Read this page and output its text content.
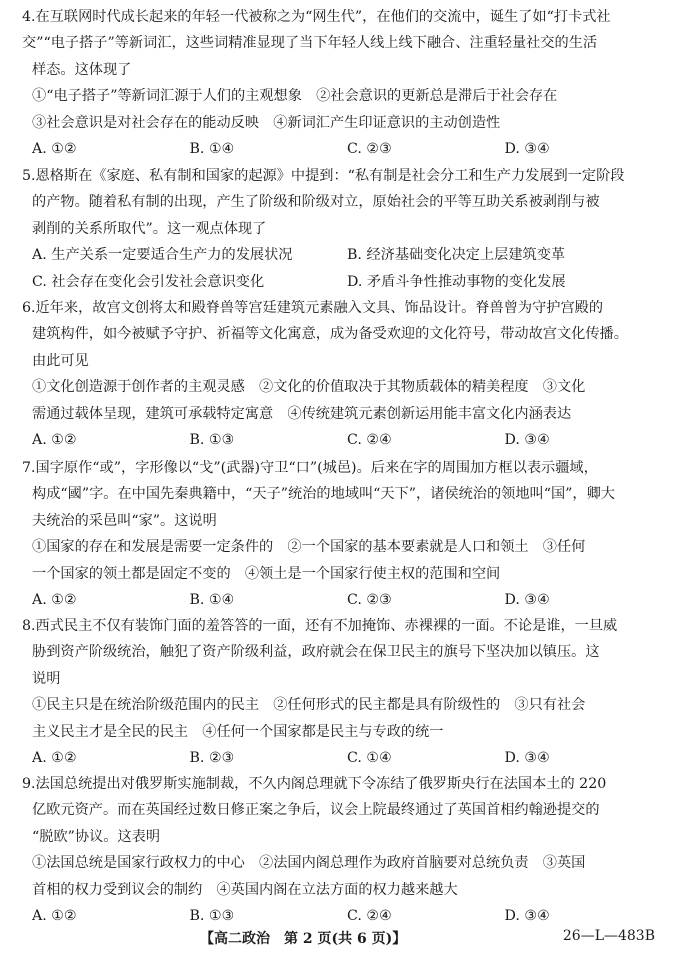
4.在互联网时代成长起来的年轻一代被称之为“网生代”，在他们的交流中，诞生了如“打卡式社
交”“电子搭子”等新词汇，这些词精准显现了当下年轻人线上线下融合、注重轻量社交的生活
样态。这体现了
①“电子搭子”等新词汇源于人们的主观想象　②社会意识的更新总是滞后于社会存在
③社会意识是对社会存在的能动反映　④新词汇产生印证意识的主动创造性
A. ①②	B. ①④	C. ②③	D. ③④
5.恩格斯在《家庭、私有制和国家的起源》中提到：“私有制是社会分工和生产力发展到一定阶段
的产物。随着私有制的出现，产生了阶级和阶级对立，原始社会的平等互助关系被剥削与被
剥削的关系所取代”。这一观点体现了
A. 生产关系一定要适合生产力的发展状况	B. 经济基础变化决定上层建筑变革
C. 社会存在变化会引发社会意识变化	D. 矛盾斗争性推动事物的变化发展
6.近年来，故宫文创将太和殿脊兽等宫廷建筑元素融入文具、饰品设计。脊兽曾为守护宫殿的
建筑构件，如今被赋予守护、祈福等文化寓意，成为备受欢迎的文化符号，带动故宫文化传播。
由此可见
①文化创造源于创作者的主观灵感　②文化的价值取决于其物质载体的精美程度　③文化
需通过载体呈现，建筑可承载特定寓意　④传统建筑元素创新运用能丰富文化内涵表达
A. ①②	B. ①③	C. ②④	D. ③④
7.国字原作“或”，字形像以“戈”(武器)守卫“口”(城邑)。后来在字的周围加方框以表示疆域，
构成“國”字。在中国先秦典籍中，“天子”统治的地域叫“天下”，诸侯统治的领地叫“国”，卿大
夫统治的采邑叫“家”。这说明
①国家的存在和发展是需要一定条件的　②一个国家的基本要素就是人口和领土　③任何
一个国家的领土都是固定不变的　④领土是一个国家行使主权的范围和空间
A. ①②	B. ①④	C. ②③	D. ③④
8.西式民主不仅有装饰门面的羞答答的一面，还有不加掩饰、赤裸裸的一面。不论是谁，一旦威
胁到资产阶级统治，触犯了资产阶级利益，政府就会在保卫民主的旗号下坚决加以镇压。这
说明
①民主只是在统治阶级范围内的民主　②任何形式的民主都是具有阶级性的　③只有社会
主义民主才是全民的民主　④任何一个国家都是民主与专政的统一
A. ①②	B. ②③	C. ①④	D. ③④
9.法国总统提出对俄罗斯实施制裁，不久内阁总理就下令冻结了俄罗斯央行在法国本土的 220
亿欧元资产。而在英国经过数日修正案之争后，议会上院最终通过了英国首相约翰逊提交的
“脱欧”协议。这表明
①法国总统是国家行政权力的中心　②法国内阁总理作为政府首脑要对总统负责　③英国
首相的权力受到议会的制约　④英国内阁在立法方面的权力越来越大
A. ①②	B. ①③	C. ②④	D. ③④
【高二政治　第 2 页(共 6 页)】	26—L—483B
